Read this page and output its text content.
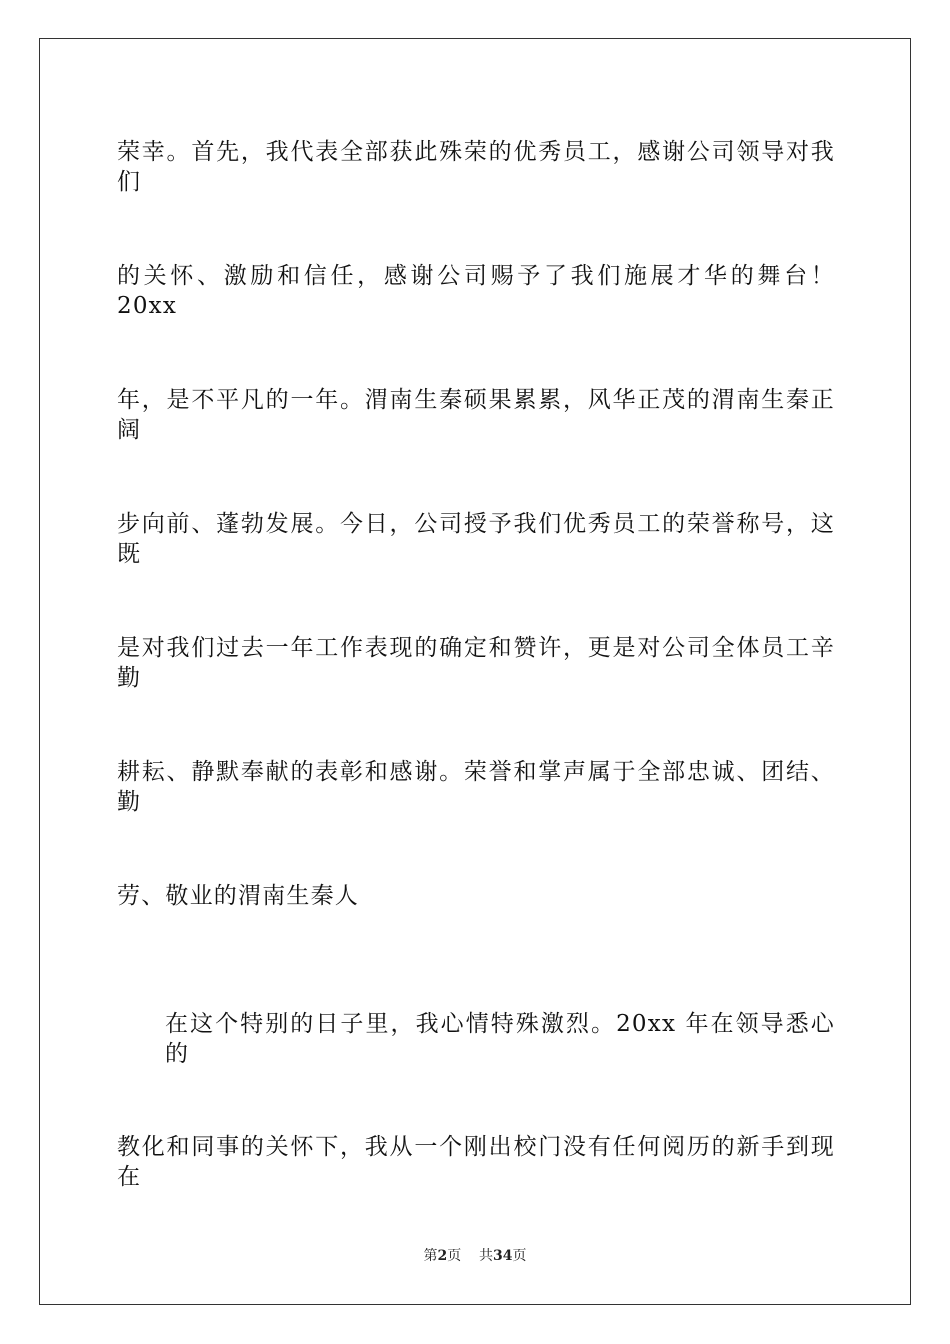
荣幸。首先，我代表全部获此殊荣的优秀员工，感谢公司领导对我们
的关怀、激励和信任，感谢公司赐予了我们施展才华的舞台！ 20xx
年，是不平凡的一年。渭南生秦硕果累累，风华正茂的渭南生秦正阔
步向前、蓬勃发展。今日，公司授予我们优秀员工的荣誉称号，这既
是对我们过去一年工作表现的确定和赞许，更是对公司全体员工辛勤
耕耘、静默奉献的表彰和感谢。荣誉和掌声属于全部忠诚、团结、勤
劳、敬业的渭南生秦人
在这个特别的日子里，我心情特殊激烈。20xx 年在领导悉心的
教化和同事的关怀下，我从一个刚出校门没有任何阅历的新手到现在
第2页 共34页
